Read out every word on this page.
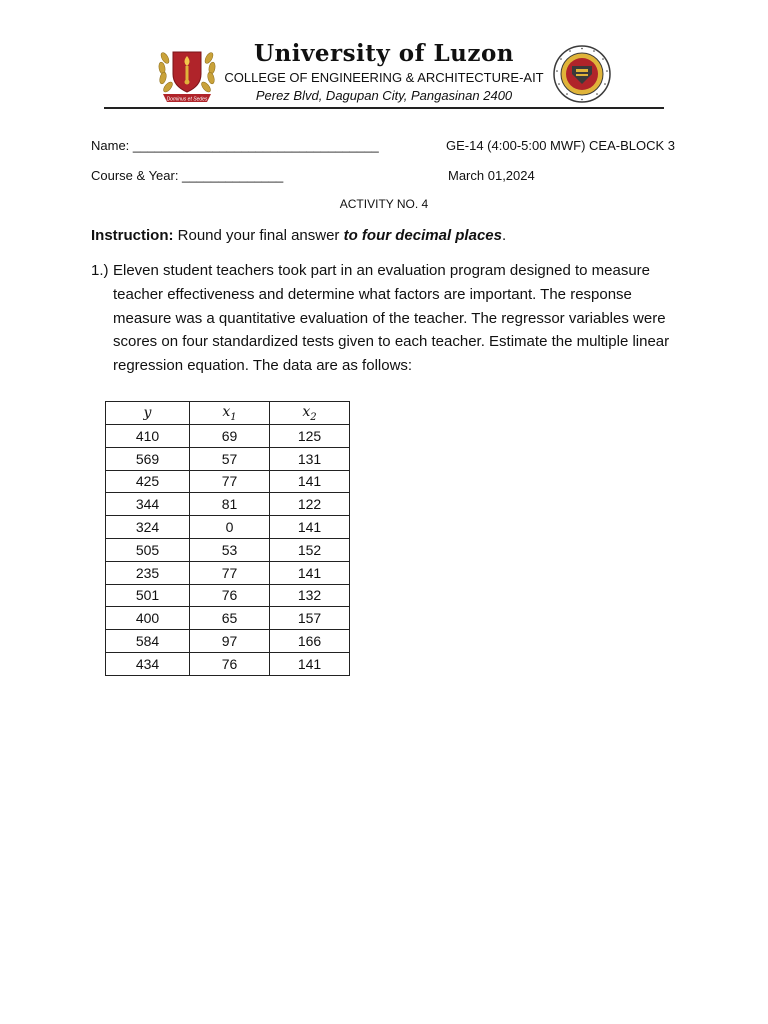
Dominus et Sedes
University of Luzon
COLLEGE OF ENGINEERING & ARCHITECTURE-AIT
Perez Blvd, Dagupan City, Pangasinan 2400
Name: __________________________________
Course & Year: ______________
GE-14 (4:00-5:00 MWF) CEA-BLOCK 3
March 01,2024
ACTIVITY NO. 4
Instruction: Round your final answer to four decimal places.
1.) Eleven student teachers took part in an evaluation program designed to measure teacher effectiveness and determine what factors are important. The response measure was a quantitative evaluation of the teacher. The regressor variables were scores on four standardized tests given to each teacher. Estimate the multiple linear regression equation. The data are as follows:
y	$x_1$	$x_2$
410	69	125
569	57	131
425	77	141
344	81	122
324	0	141
505	53	152
235	77	141
501	76	132
400	65	157
584	97	166
434	76	141
